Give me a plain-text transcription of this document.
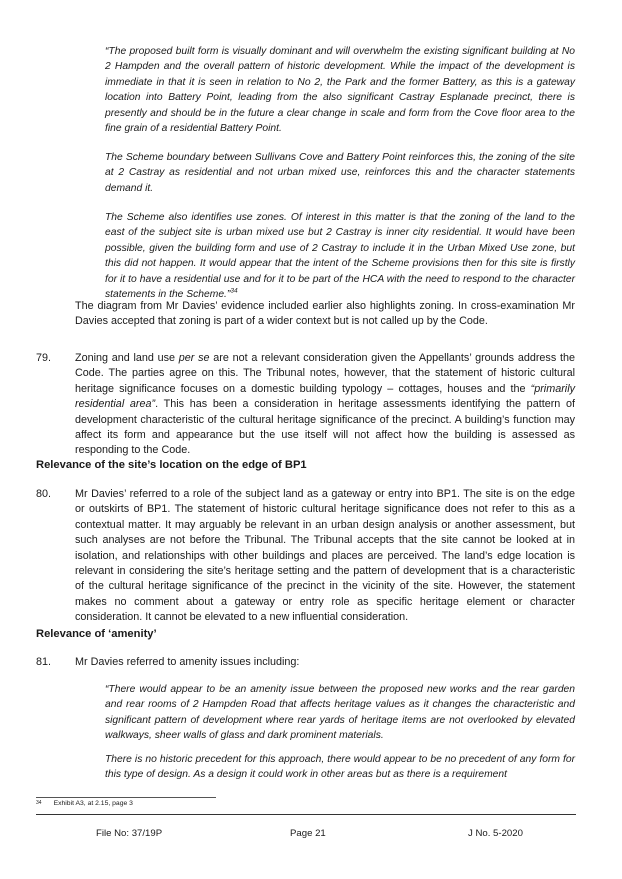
“The proposed built form is visually dominant and will overwhelm the existing significant building at No 2 Hampden and the overall pattern of historic development. While the impact of the development is immediate in that it is seen in relation to No 2, the Park and the former Battery, as this is a gateway location into Battery Point, leading from the also significant Castray Esplanade precinct, there is presently and should be in the future a clear change in scale and form from the Cove floor area to the fine grain of a residential Battery Point.

The Scheme boundary between Sullivans Cove and Battery Point reinforces this, the zoning of the site at 2 Castray as residential and not urban mixed use, reinforces this and the character statements demand it.

The Scheme also identifies use zones. Of interest in this matter is that the zoning of the land to the east of the subject site is urban mixed use but 2 Castray is inner city residential. It would have been possible, given the building form and use of 2 Castray to include it in the Urban Mixed Use zone, but this did not happen. It would appear that the intent of the Scheme provisions then for this site is firstly for it to have a residential use and for it to be part of the HCA with the need to respond to the character statements in the Scheme.”$^{34}$

The diagram from Mr Davies’ evidence included earlier also highlights zoning. In cross-examination Mr Davies accepted that zoning is part of a wider context but is not called up by the Code.

79. Zoning and land use per se are not a relevant consideration given the Appellants’ grounds address the Code. The parties agree on this. The Tribunal notes, however, that the statement of historic cultural heritage significance focuses on a domestic building typology – cottages, houses and the “primarily residential area”. This has been a consideration in heritage assessments identifying the pattern of development characteristic of the cultural heritage significance of the precinct. A building’s function may affect its form and appearance but the use itself will not affect how the building is assessed as responding to the Code.

Relevance of the site’s location on the edge of BP1

80. Mr Davies’ referred to a role of the subject land as a gateway or entry into BP1. The site is on the edge or outskirts of BP1. The statement of historic cultural heritage significance does not refer to this as a contextual matter. It may arguably be relevant in an urban design analysis or another assessment, but such analyses are not before the Tribunal. The Tribunal accepts that the site cannot be looked at in isolation, and relationships with other buildings and places are perceived. The land’s edge location is relevant in considering the site’s heritage setting and the pattern of development that is a characteristic of the cultural heritage significance of the precinct in the vicinity of the site. However, the statement makes no comment about a gateway or entry role as specific heritage element or character consideration. It cannot be elevated to a new influential consideration.

Relevance of ‘amenity’

81. Mr Davies referred to amenity issues including:

“There would appear to be an amenity issue between the proposed new works and the rear garden and rear rooms of 2 Hampden Road that affects heritage values as it changes the characteristic and significant pattern of development where rear yards of heritage items are not overlooked by elevated walkways, sheer walls of glass and dark prominent materials.

There is no historic precedent for this approach, there would appear to be no precedent of any form for this type of design. As a design it could work in other areas but as there is a requirement

$^{34}$ Exhibit A3, at 2.15, page 3
File No: 37/19P	Page 21	J No. 5-2020
